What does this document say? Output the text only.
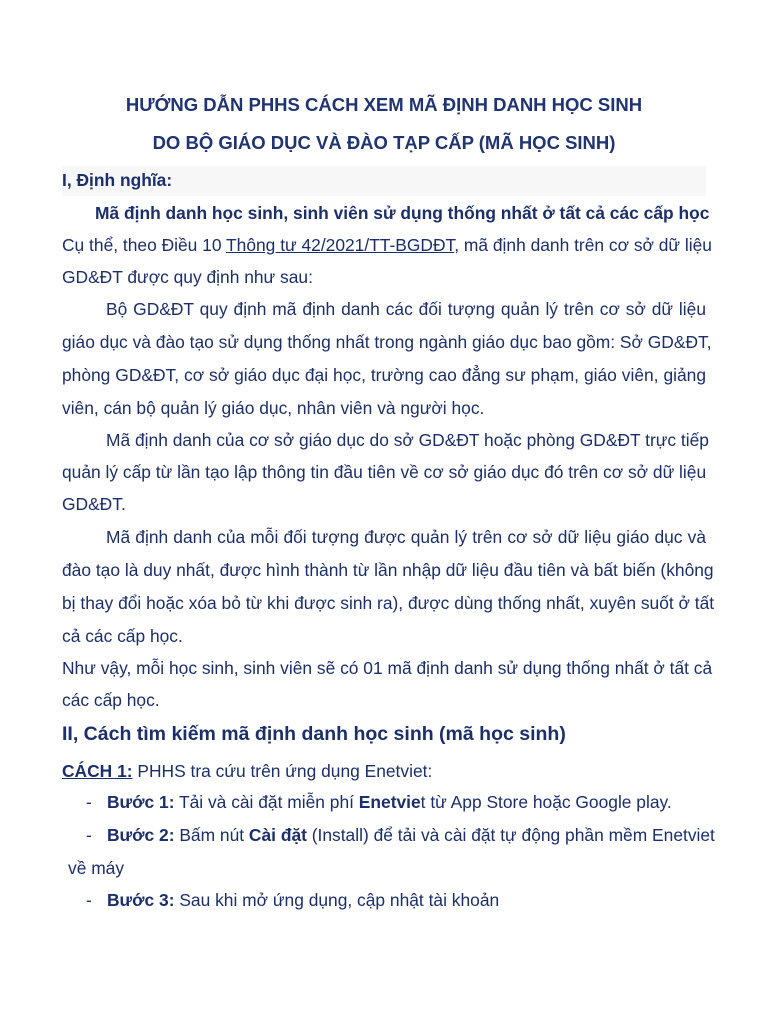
HƯỚNG DẪN PHHS CÁCH XEM MÃ ĐỊNH DANH HỌC SINH
DO BỘ GIÁO DỤC VÀ ĐÀO TẠP CẤP (MÃ HỌC SINH)
I, Định nghĩa:
Mã định danh học sinh, sinh viên sử dụng thống nhất ở tất cả các cấp học
Cụ thể, theo Điều 10 Thông tư 42/2021/TT-BGDĐT, mã định danh trên cơ sở dữ liệu
GD&ĐT được quy định như sau:
Bộ GD&ĐT quy định mã định danh các đối tượng quản lý trên cơ sở dữ liệu
giáo dục và đào tạo sử dụng thống nhất trong ngành giáo dục bao gồm: Sở GD&ĐT,
phòng GD&ĐT, cơ sở giáo dục đại học, trường cao đẳng sư phạm, giáo viên, giảng
viên, cán bộ quản lý giáo dục, nhân viên và người học.
Mã định danh của cơ sở giáo dục do sở GD&ĐT hoặc phòng GD&ĐT trực tiếp
quản lý cấp từ lần tạo lập thông tin đầu tiên về cơ sở giáo dục đó trên cơ sở dữ liệu
GD&ĐT.
Mã định danh của mỗi đối tượng được quản lý trên cơ sở dữ liệu giáo dục và
đào tạo là duy nhất, được hình thành từ lần nhập dữ liệu đầu tiên và bất biến (không
bị thay đổi hoặc xóa bỏ từ khi được sinh ra), được dùng thống nhất, xuyên suốt ở tất
cả các cấp học.
Như vậy, mỗi học sinh, sinh viên sẽ có 01 mã định danh sử dụng thống nhất ở tất cả
các cấp học.
II, Cách tìm kiếm mã định danh học sinh (mã học sinh)
CÁCH 1: PHHS tra cứu trên ứng dụng Enetviet:
- Bước 1: Tải và cài đặt miễn phí Enetviet từ App Store hoặc Google play.
- Bước 2: Bấm nút Cài đặt (Install) để tải và cài đặt tự động phần mềm Enetviet
về máy
- Bước 3: Sau khi mở ứng dụng, cập nhật tài khoản
